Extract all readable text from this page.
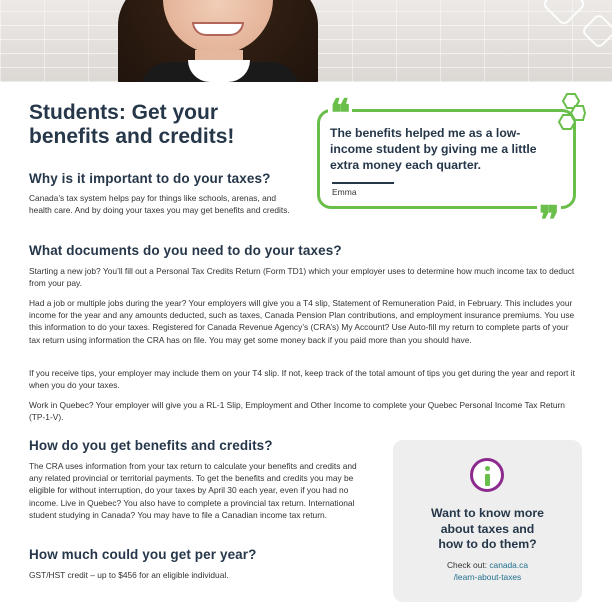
Students: Get your
benefits and credits!
Why is it important to do your taxes?

Canada’s tax system helps pay for things like schools, arenas, and health care. And by doing your taxes you may get benefits and credits.

What documents do you need to do your taxes?

Starting a new job? You’ll fill out a Personal Tax Credits Return (Form TD1) which your employer uses to determine how much income tax to deduct from your pay.

Had a job or multiple jobs during the year? Your employers will give you a T4 slip, Statement of Remuneration Paid, in February. This includes your income for the year and any amounts deducted, such as taxes, Canada Pension Plan contributions, and employment insurance premiums. You use this information to do your taxes. Registered for Canada Revenue Agency’s (CRA’s) My Account? Use Auto-fill my return to complete parts of your tax return using information the CRA has on file. You may get some money back if you paid more than you should have.

If you receive tips, your employer may include them on your T4 slip. If not, keep track of the total amount of tips you get during the year and report it when you do your taxes.

Work in Quebec? Your employer will give you a RL-1 Slip, Employment and Other Income to complete your Quebec Personal Income Tax Return (TP-1-V).

How do you get benefits and credits?

The CRA uses information from your tax return to calculate your benefits and credits and any related provincial or territorial payments. To get the benefits and credits you may be eligible for without interruption, do your taxes by April 30 each year, even if you had no income. Live in Quebec? You also have to complete a provincial tax return. International student studying in Canada? You may have to file a Canadian income tax return.

How much could you get per year?

GST/HST credit – up to $456 for an eligible individual.

❝
❞

The benefits helped me as a low-income student by giving me a little extra money each quarter.

Emma

Want to know more
about taxes and
how to do them?

Check out: canada.ca
/learn-about-taxes
